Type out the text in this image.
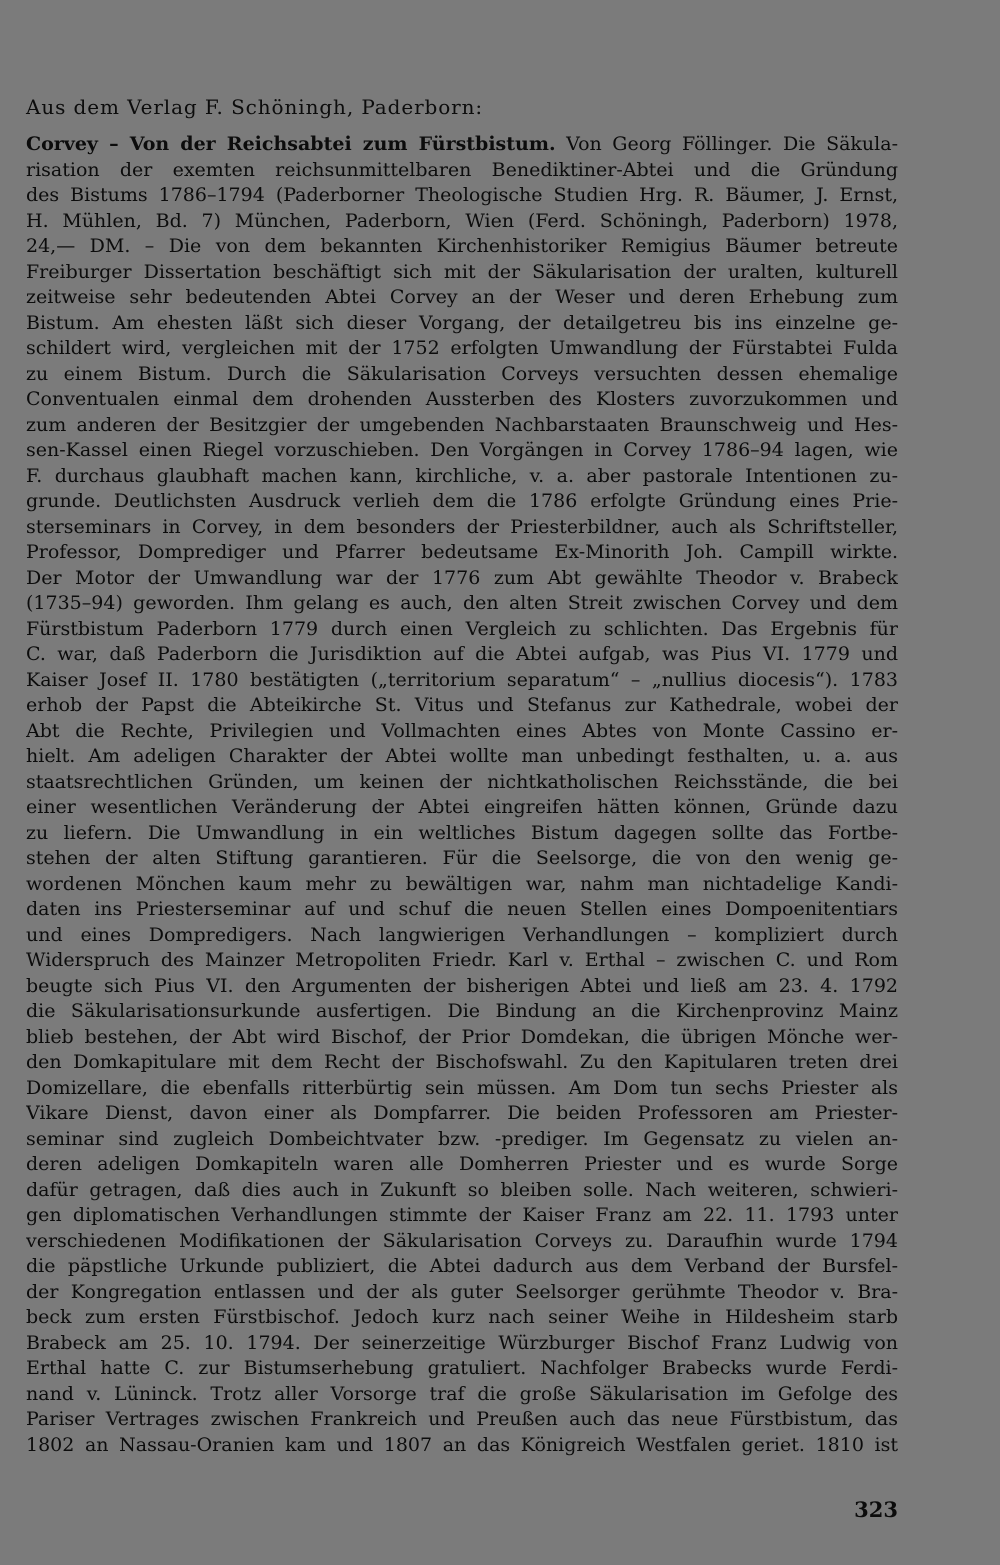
Aus dem Verlag F. Schöningh, Paderborn:
Corvey – Von der Reichsabtei zum Fürstbistum. Von Georg Föllinger. Die Säkula-
risation der exemten reichsunmittelbaren Benediktiner-Abtei und die Gründung
des Bistums 1786–1794 (Paderborner Theologische Studien Hrg. R. Bäumer, J. Ernst,
H. Mühlen, Bd. 7) München, Paderborn, Wien (Ferd. Schöningh, Paderborn) 1978,
24,— DM. – Die von dem bekannten Kirchenhistoriker Remigius Bäumer betreute
Freiburger Dissertation beschäftigt sich mit der Säkularisation der uralten, kulturell
zeitweise sehr bedeutenden Abtei Corvey an der Weser und deren Erhebung zum
Bistum. Am ehesten läßt sich dieser Vorgang, der detailgetreu bis ins einzelne ge-
schildert wird, vergleichen mit der 1752 erfolgten Umwandlung der Fürstabtei Fulda
zu einem Bistum. Durch die Säkularisation Corveys versuchten dessen ehemalige
Conventualen einmal dem drohenden Aussterben des Klosters zuvorzukommen und
zum anderen der Besitzgier der umgebenden Nachbarstaaten Braunschweig und Hes-
sen-Kassel einen Riegel vorzuschieben. Den Vorgängen in Corvey 1786–94 lagen, wie
F. durchaus glaubhaft machen kann, kirchliche, v. a. aber pastorale Intentionen zu-
grunde. Deutlichsten Ausdruck verlieh dem die 1786 erfolgte Gründung eines Prie-
sterseminars in Corvey, in dem besonders der Priesterbildner, auch als Schriftsteller,
Professor, Domprediger und Pfarrer bedeutsame Ex-Minorith Joh. Campill wirkte.
Der Motor der Umwandlung war der 1776 zum Abt gewählte Theodor v. Brabeck
(1735–94) geworden. Ihm gelang es auch, den alten Streit zwischen Corvey und dem
Fürstbistum Paderborn 1779 durch einen Vergleich zu schlichten. Das Ergebnis für
C. war, daß Paderborn die Jurisdiktion auf die Abtei aufgab, was Pius VI. 1779 und
Kaiser Josef II. 1780 bestätigten („territorium separatum“ – „nullius diocesis“). 1783
erhob der Papst die Abteikirche St. Vitus und Stefanus zur Kathedrale, wobei der
Abt die Rechte, Privilegien und Vollmachten eines Abtes von Monte Cassino er-
hielt. Am adeligen Charakter der Abtei wollte man unbedingt festhalten, u. a. aus
staatsrechtlichen Gründen, um keinen der nichtkatholischen Reichsstände, die bei
einer wesentlichen Veränderung der Abtei eingreifen hätten können, Gründe dazu
zu liefern. Die Umwandlung in ein weltliches Bistum dagegen sollte das Fortbe-
stehen der alten Stiftung garantieren. Für die Seelsorge, die von den wenig ge-
wordenen Mönchen kaum mehr zu bewältigen war, nahm man nichtadelige Kandi-
daten ins Priesterseminar auf und schuf die neuen Stellen eines Dompoenitentiars
und eines Dompredigers. Nach langwierigen Verhandlungen – kompliziert durch
Widerspruch des Mainzer Metropoliten Friedr. Karl v. Erthal – zwischen C. und Rom
beugte sich Pius VI. den Argumenten der bisherigen Abtei und ließ am 23. 4. 1792
die Säkularisationsurkunde ausfertigen. Die Bindung an die Kirchenprovinz Mainz
blieb bestehen, der Abt wird Bischof, der Prior Domdekan, die übrigen Mönche wer-
den Domkapitulare mit dem Recht der Bischofswahl. Zu den Kapitularen treten drei
Domizellare, die ebenfalls ritterbürtig sein müssen. Am Dom tun sechs Priester als
Vikare Dienst, davon einer als Dompfarrer. Die beiden Professoren am Priester-
seminar sind zugleich Dombeichtvater bzw. -prediger. Im Gegensatz zu vielen an-
deren adeligen Domkapiteln waren alle Domherren Priester und es wurde Sorge
dafür getragen, daß dies auch in Zukunft so bleiben solle. Nach weiteren, schwieri-
gen diplomatischen Verhandlungen stimmte der Kaiser Franz am 22. 11. 1793 unter
verschiedenen Modifikationen der Säkularisation Corveys zu. Daraufhin wurde 1794
die päpstliche Urkunde publiziert, die Abtei dadurch aus dem Verband der Bursfel-
der Kongregation entlassen und der als guter Seelsorger gerühmte Theodor v. Bra-
beck zum ersten Fürstbischof. Jedoch kurz nach seiner Weihe in Hildesheim starb
Brabeck am 25. 10. 1794. Der seinerzeitige Würzburger Bischof Franz Ludwig von
Erthal hatte C. zur Bistumserhebung gratuliert. Nachfolger Brabecks wurde Ferdi-
nand v. Lüninck. Trotz aller Vorsorge traf die große Säkularisation im Gefolge des
Pariser Vertrages zwischen Frankreich und Preußen auch das neue Fürstbistum, das
1802 an Nassau-Oranien kam und 1807 an das Königreich Westfalen geriet. 1810 ist
323
